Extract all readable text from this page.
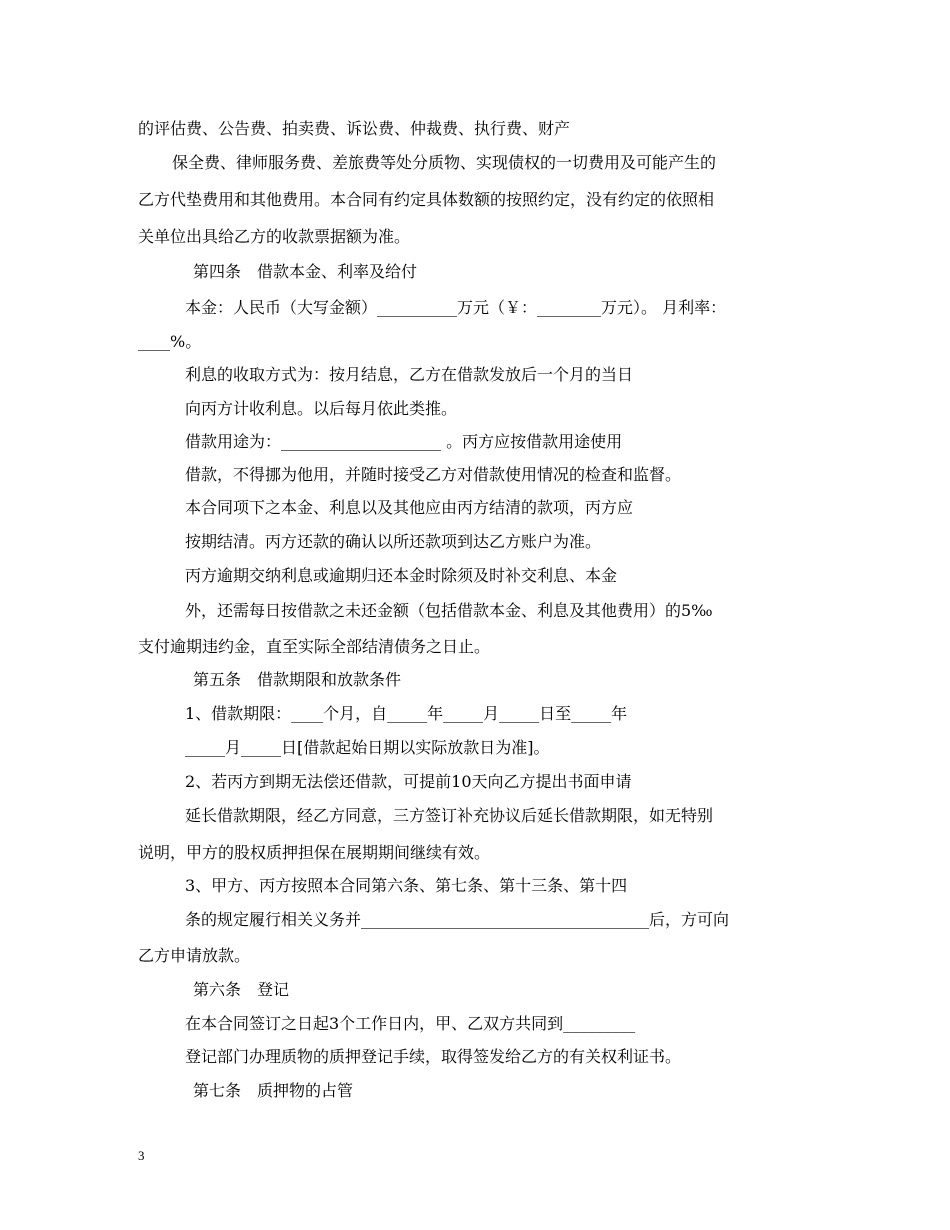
的评估费、公告费、拍卖费、诉讼费、仲裁费、执行费、财产

保全费、律师服务费、差旅费等处分质物、实现债权的一切费用及可能产生的

乙方代垫费用和其他费用。本合同有约定具体数额的按照约定，没有约定的依照相

关单位出具给乙方的收款票据额为准。

第四条　借款本金、利率及给付

本金：人民币（大写金额）__________万元（￥：________万元）。 月利率：

____%。

利息的收取方式为：按月结息，乙方在借款发放后一个月的当日

向丙方计收利息。以后每月依此类推。

借款用途为：____________________ 。丙方应按借款用途使用

借款，不得挪为他用，并随时接受乙方对借款使用情况的检查和监督。

本合同项下之本金、利息以及其他应由丙方结清的款项，丙方应

按期结清。丙方还款的确认以所还款项到达乙方账户为准。

丙方逾期交纳利息或逾期归还本金时除须及时补交利息、本金

外，还需每日按借款之未还金额（包括借款本金、利息及其他费用）的5‰

支付逾期违约金，直至实际全部结清债务之日止。

第五条　借款期限和放款条件

1、借款期限：____个月，自_____年_____月_____日至_____年

_____月_____日[借款起始日期以实际放款日为准]。

2、若丙方到期无法偿还借款，可提前10天向乙方提出书面申请

延长借款期限，经乙方同意，三方签订补充协议后延长借款期限，如无特别

说明，甲方的股权质押担保在展期期间继续有效。

3、甲方、丙方按照本合同第六条、第七条、第十三条、第十四

条的规定履行相关义务并____________________________________后，方可向

乙方申请放款。

第六条　登记

在本合同签订之日起3个工作日内，甲、乙双方共同到_________

登记部门办理质物的质押登记手续，取得签发给乙方的有关权利证书。

第七条　质押物的占管

3
